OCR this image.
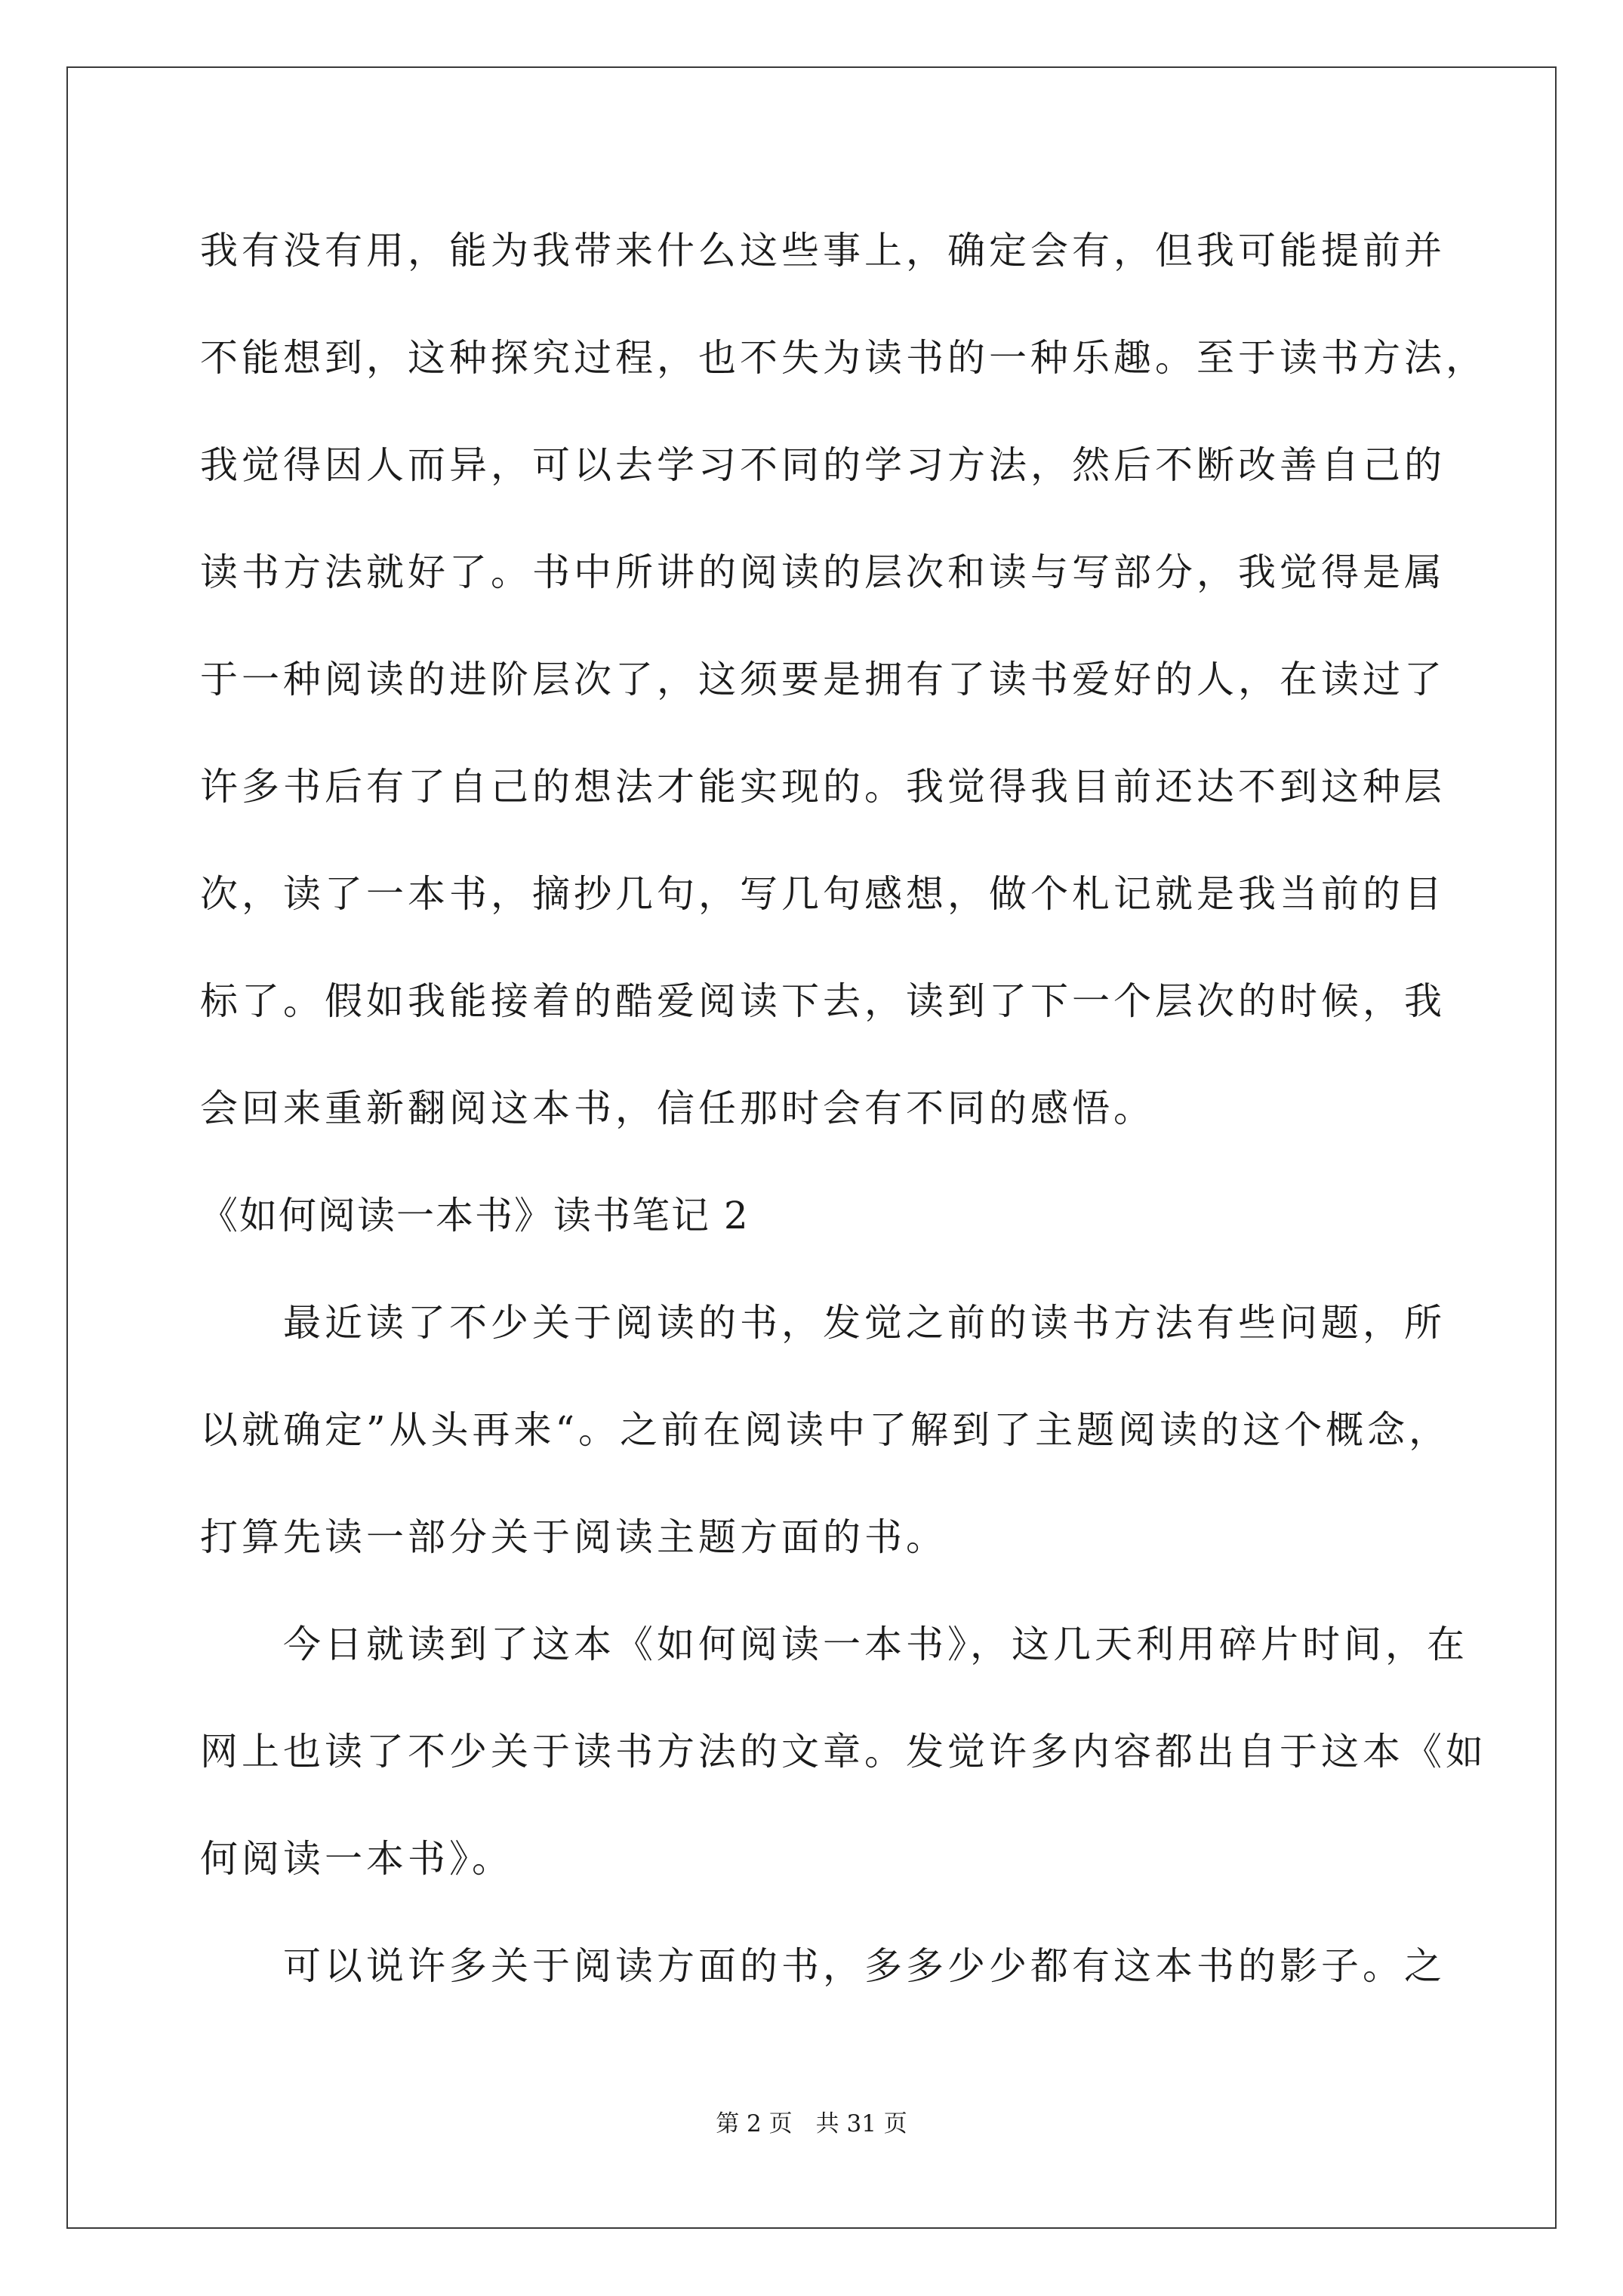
我有没有用，能为我带来什么这些事上，确定会有，但我可能提前并
不能想到，这种探究过程，也不失为读书的一种乐趣。至于读书方法，
我觉得因人而异，可以去学习不同的学习方法，然后不断改善自己的
读书方法就好了。书中所讲的阅读的层次和读与写部分，我觉得是属
于一种阅读的进阶层次了，这须要是拥有了读书爱好的人，在读过了
许多书后有了自己的想法才能实现的。我觉得我目前还达不到这种层
次，读了一本书，摘抄几句，写几句感想，做个札记就是我当前的目
标了。假如我能接着的酷爱阅读下去，读到了下一个层次的时候，我
会回来重新翻阅这本书，信任那时会有不同的感悟。
《如何阅读一本书》读书笔记 2
　　最近读了不少关于阅读的书，发觉之前的读书方法有些问题，所
以就确定”从头再来“。之前在阅读中了解到了主题阅读的这个概念，
打算先读一部分关于阅读主题方面的书。
　　今日就读到了这本《如何阅读一本书》，这几天利用碎片时间，在
网上也读了不少关于读书方法的文章。发觉许多内容都出自于这本《如
何阅读一本书》。
　　可以说许多关于阅读方面的书，多多少少都有这本书的影子。之
第 2 页　共 31 页
